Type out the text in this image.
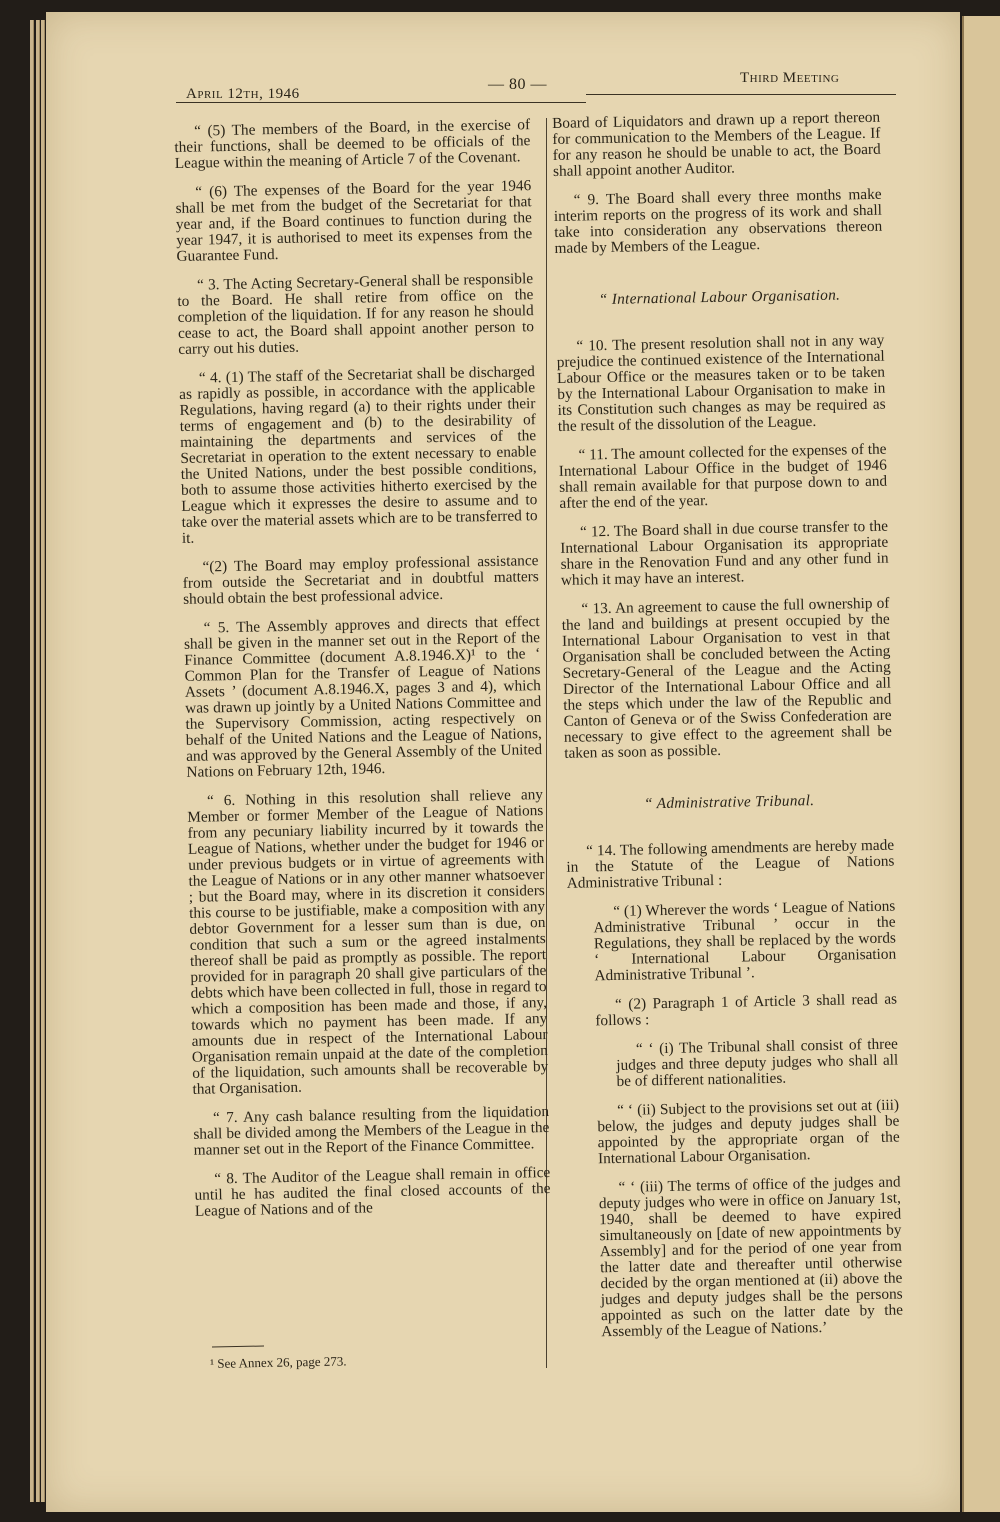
April 12th, 1946
— 80 —	Third Meeting

“ (5) The members of the Board, in the exercise of their functions, shall be deemed to be officials of the League within the meaning of Article 7 of the Covenant.

“ (6) The expenses of the Board for the year 1946 shall be met from the budget of the Secretariat for that year and, if the Board continues to function during the year 1947, it is authorised to meet its expenses from the Guarantee Fund.

“ 3. The Acting Secretary-General shall be responsible to the Board. He shall retire from office on the completion of the liquidation. If for any reason he should cease to act, the Board shall appoint another person to carry out his duties.

“ 4. (1) The staff of the Secretariat shall be discharged as rapidly as possible, in accordance with the applicable Regulations, having regard (a) to their rights under their terms of engagement and (b) to the desirability of maintaining the departments and services of the Secretariat in operation to the extent necessary to enable the United Nations, under the best possible conditions, both to assume those activities hitherto exercised by the League which it expresses the desire to assume and to take over the material assets which are to be transferred to it.

“(2) The Board may employ professional assistance from outside the Secretariat and in doubtful matters should obtain the best professional advice.

“ 5. The Assembly approves and directs that effect shall be given in the manner set out in the Report of the Finance Committee (document A.8.1946.X)¹ to the ‘ Common Plan for the Transfer of League of Nations Assets ’ (document A.8.1946.X, pages 3 and 4), which was drawn up jointly by a United Nations Committee and the Supervisory Commission, acting respectively on behalf of the United Nations and the League of Nations, and was approved by the General Assembly of the United Nations on February 12th, 1946.

“ 6. Nothing in this resolution shall relieve any Member or former Member of the League of Nations from any pecuniary liability incurred by it towards the League of Nations, whether under the budget for 1946 or under previous budgets or in virtue of agreements with the League of Nations or in any other manner whatsoever ; but the Board may, where in its discretion it considers this course to be justifiable, make a composition with any debtor Government for a lesser sum than is due, on condition that such a sum or the agreed instalments thereof shall be paid as promptly as possible. The report provided for in paragraph 20 shall give particulars of the debts which have been collected in full, those in regard to which a composition has been made and those, if any, towards which no payment has been made. If any amounts due in respect of the International Labour Organisation remain unpaid at the date of the completion of the liquidation, such amounts shall be recoverable by that Organisation.

“ 7. Any cash balance resulting from the liquidation shall be divided among the Members of the League in the manner set out in the Report of the Finance Committee.

“ 8. The Auditor of the League shall remain in office until he has audited the final closed accounts of the League of Nations and of the

Board of Liquidators and drawn up a report thereon for communication to the Members of the League. If for any reason he should be unable to act, the Board shall appoint another Auditor.

“ 9. The Board shall every three months make interim reports on the progress of its work and shall take into consideration any observations thereon made by Members of the League.

“ International Labour Organisation.

“ 10. The present resolution shall not in any way prejudice the continued existence of the International Labour Office or the measures taken or to be taken by the International Labour Organisation to make in its Constitution such changes as may be required as the result of the dissolution of the League.

“ 11. The amount collected for the expenses of the International Labour Office in the budget of 1946 shall remain available for that purpose down to and after the end of the year.

“ 12. The Board shall in due course transfer to the International Labour Organisation its appropriate share in the Renovation Fund and any other fund in which it may have an interest.

“ 13. An agreement to cause the full ownership of the land and buildings at present occupied by the International Labour Organisation to vest in that Organisation shall be concluded between the Acting Secretary-General of the League and the Acting Director of the International Labour Office and all the steps which under the law of the Republic and Canton of Geneva or of the Swiss Confederation are necessary to give effect to the agreement shall be taken as soon as possible.

“ Administrative Tribunal.

“ 14. The following amendments are hereby made in the Statute of the League of Nations Administrative Tribunal :

“ (1) Wherever the words ‘ League of Nations Administrative Tribunal ’ occur in the Regulations, they shall be replaced by the words ‘ International Labour Organisation Administrative Tribunal ’.

“ (2) Paragraph 1 of Article 3 shall read as follows :

“ ‘ (i) The Tribunal shall consist of three judges and three deputy judges who shall all be of different nationalities.

“ ‘ (ii) Subject to the provisions set out at (iii) below, the judges and deputy judges shall be appointed by the appropriate organ of the International Labour Organisation.

“ ‘ (iii) The terms of office of the judges and deputy judges who were in office on January 1st, 1940, shall be deemed to have expired simultaneously on [date of new appointments by Assembly] and for the period of one year from the latter date and thereafter until otherwise decided by the organ mentioned at (ii) above the judges and deputy judges shall be the persons appointed as such on the latter date by the Assembly of the League of Nations.’

¹ See Annex 26, page 273.
